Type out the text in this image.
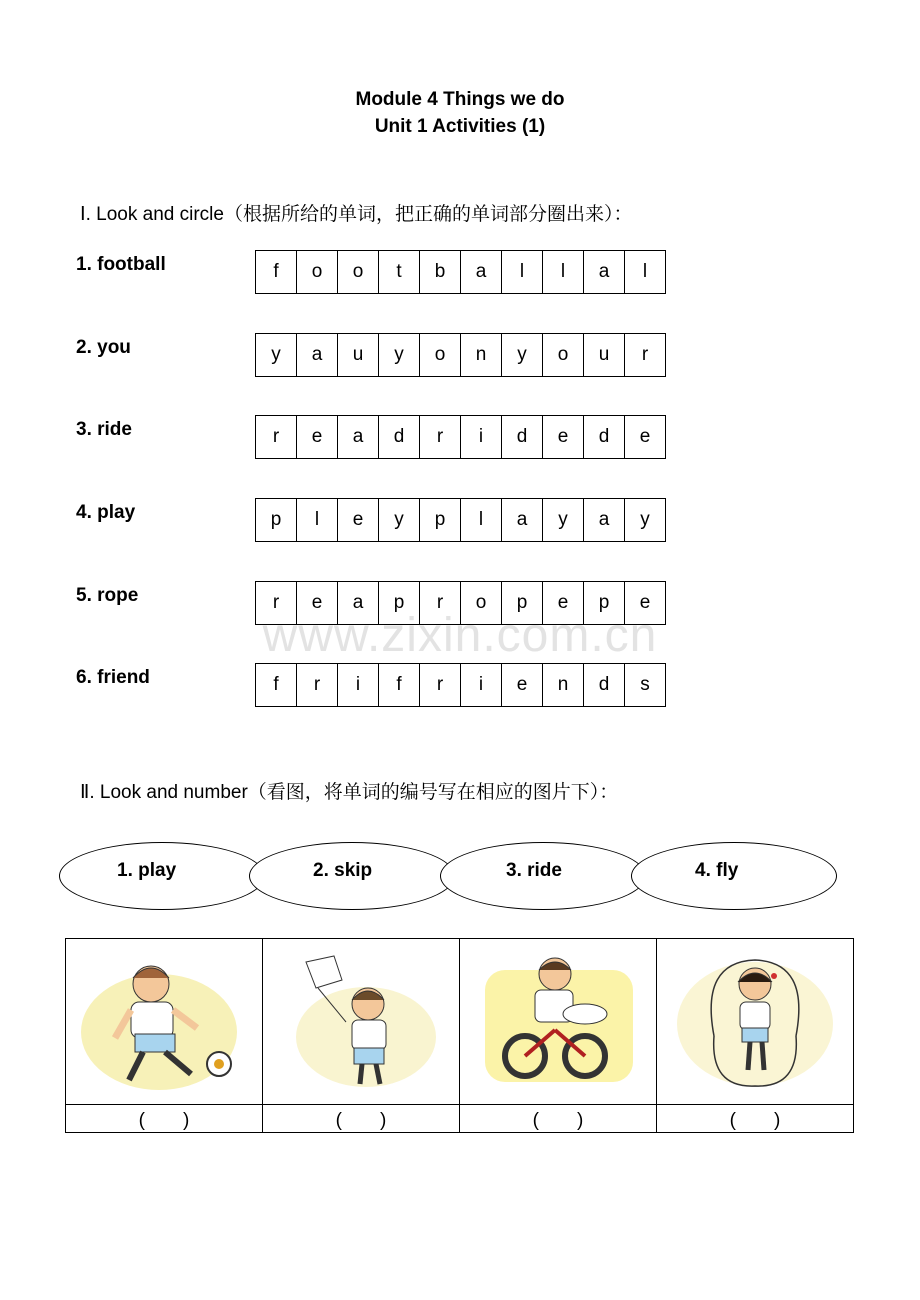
Module 4 Things we do
Unit 1 Activities (1)
Ⅰ. Look and circle（根据所给的单词，把正确的单词部分圈出来）：
www.zixin.com.cn
1. football	f	o	o	t	b	a	l	l	a	l
2. you	y	a	u	y	o	n	y	o	u	r
3. ride	r	e	a	d	r	i	d	e	d	e
4. play	p	l	e	y	p	l	a	y	a	y
5. rope	r	e	a	p	r	o	p	e	p	e
6. friend	f	r	i	f	r	i	e	n	d	s
Ⅱ. Look and number（看图，将单词的编号写在相应的图片下）：
1. play	2. skip	3. ride	4. fly

(　　)	(　　)	(　　)	(　　)
